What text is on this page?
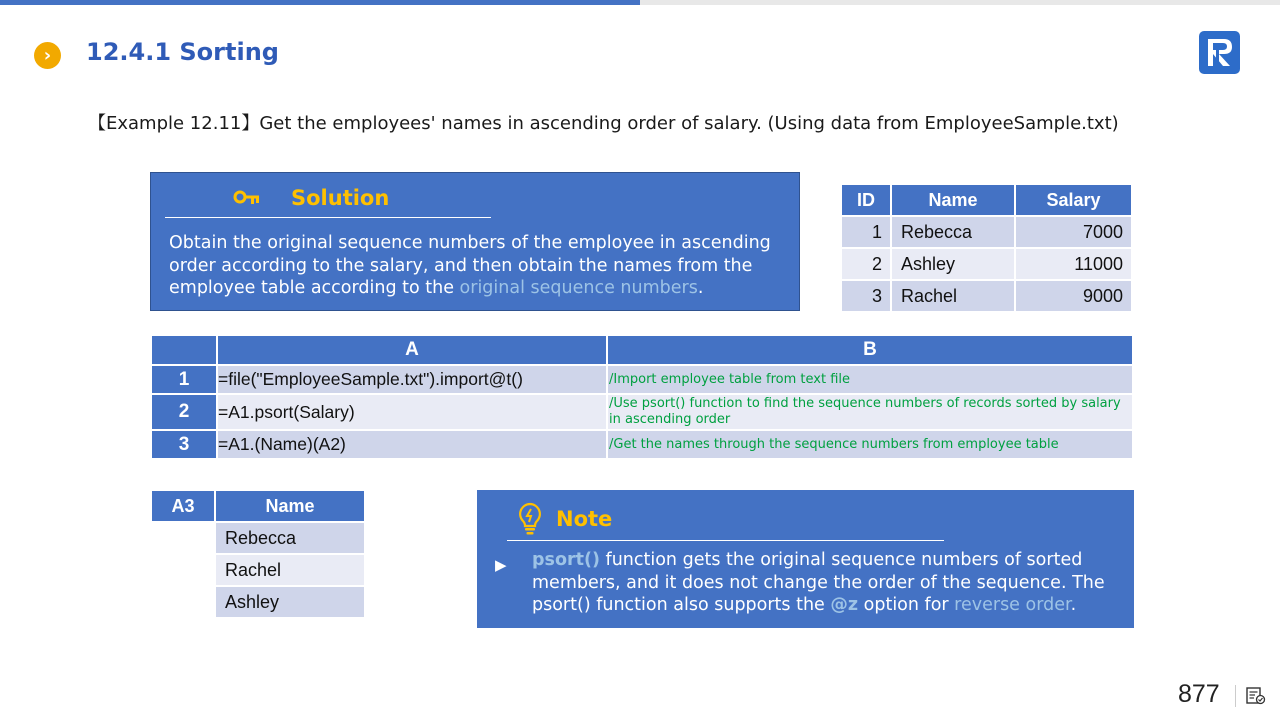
›	12.4.1 Sorting
【Example 12.11】Get the employees' names in ascending order of salary. (Using data from EmployeeSample.txt)
Solution
Obtain the original sequence numbers of the employee in ascending order according to the salary, and then obtain the names from the employee table according to the original sequence numbers.
ID	Name	Salary
1	Rebecca	7000
2	Ashley	11000
3	Rachel	9000
	A	B
1	=file("EmployeeSample.txt").import@t()	/Import employee table from text file
2	=A1.psort(Salary)	/Use psort() function to find the sequence numbers of records sorted by salary in ascending order
3	=A1.(Name)(A2)	/Get the names through the sequence numbers from employee table
A3	Name
	Rebecca
	Rachel
	Ashley
Note
▶ psort() function gets the original sequence numbers of sorted members, and it does not change the order of the sequence. The psort() function also supports the @z option for reverse order.
877
